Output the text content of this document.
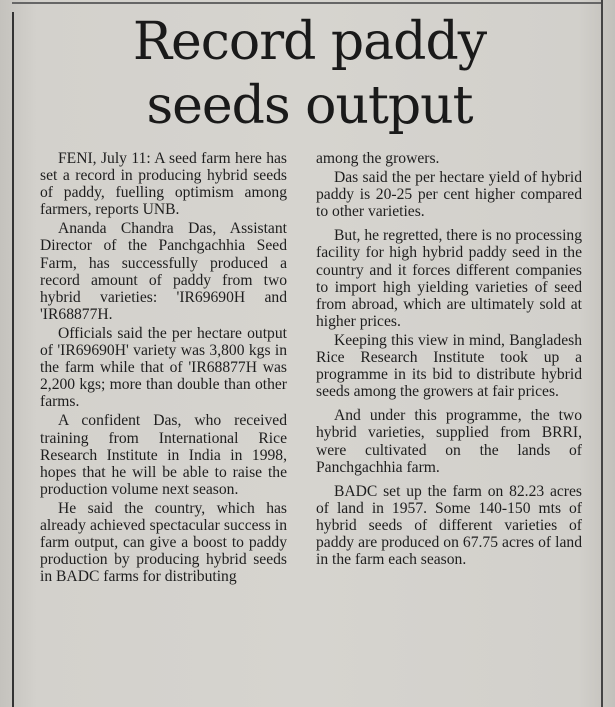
Record paddy
seeds output

FENI, July 11: A seed farm here has set a record in producing hybrid seeds of paddy, fuelling optimism among farmers, reports UNB.

Ananda Chandra Das, Assistant Director of the Panchgachhia Seed Farm, has successfully produced a record amount of paddy from two hybrid varieties: 'IR69690H and 'IR68877H.

Officials said the per hectare output of 'IR69690H' variety was 3,800 kgs in the farm while that of 'IR68877H was 2,200 kgs; more than double than other farms.

A confident Das, who received training from International Rice Research Institute in India in 1998, hopes that he will be able to raise the production volume next season.

He said the country, which has already achieved spectacular success in farm output, can give a boost to paddy production by producing hybrid seeds in BADC farms for distributing

among the growers.

Das said the per hectare yield of hybrid paddy is 20-25 per cent higher compared to other varieties.

But, he regretted, there is no processing facility for high hybrid paddy seed in the country and it forces different companies to import high yielding varieties of seed from abroad, which are ultimately sold at higher prices.

Keeping this view in mind, Bangladesh Rice Research Institute took up a programme in its bid to distribute hybrid seeds among the growers at fair prices.

And under this programme, the two hybrid varieties, supplied from BRRI, were cultivated on the lands of Panchgachhia farm.

BADC set up the farm on 82.23 acres of land in 1957. Some 140-150 mts of hybrid seeds of different varieties of paddy are produced on 67.75 acres of land in the farm each season.
